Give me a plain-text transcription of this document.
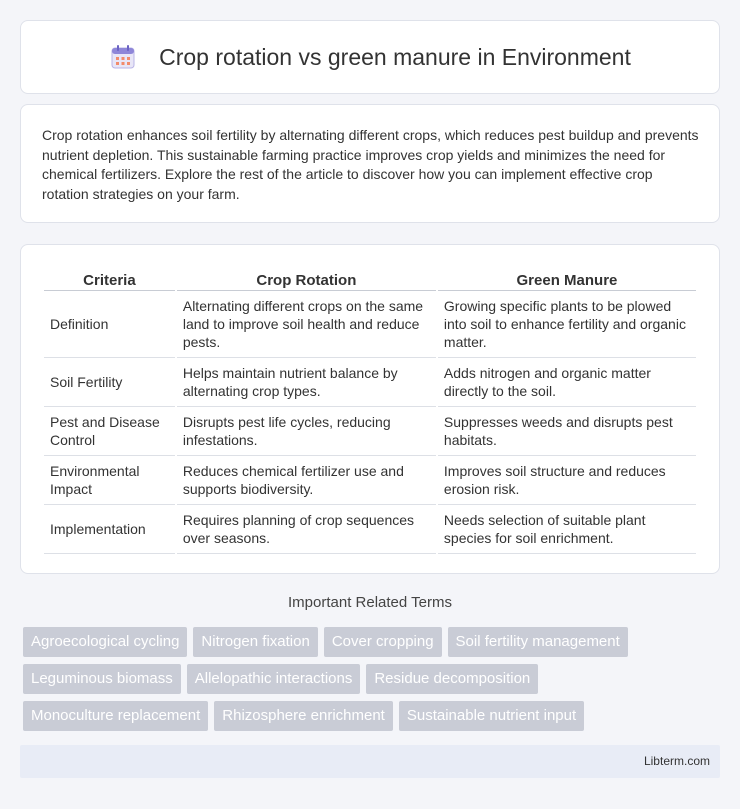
Crop rotation vs green manure in Environment

Crop rotation enhances soil fertility by alternating different crops, which reduces pest buildup and prevents nutrient depletion. This sustainable farming practice improves crop yields and minimizes the need for chemical fertilizers. Explore the rest of the article to discover how you can implement effective crop rotation strategies on your farm.

Criteria	Crop Rotation	Green Manure
Definition	Alternating different crops on the same land to improve soil health and reduce pests.	Growing specific plants to be plowed into soil to enhance fertility and organic matter.
Soil Fertility	Helps maintain nutrient balance by alternating crop types.	Adds nitrogen and organic matter directly to the soil.
Pest and Disease Control	Disrupts pest life cycles, reducing infestations.	Suppresses weeds and disrupts pest habitats.
Environmental Impact	Reduces chemical fertilizer use and supports biodiversity.	Improves soil structure and reduces erosion risk.
Implementation	Requires planning of crop sequences over seasons.	Needs selection of suitable plant species for soil enrichment.
Important Related Terms
Agroecological cycling	Nitrogen fixation	Cover cropping	Soil fertility management
Leguminous biomass	Allelopathic interactions	Residue decomposition
Monoculture replacement	Rhizosphere enrichment	Sustainable nutrient input
Libterm.com
